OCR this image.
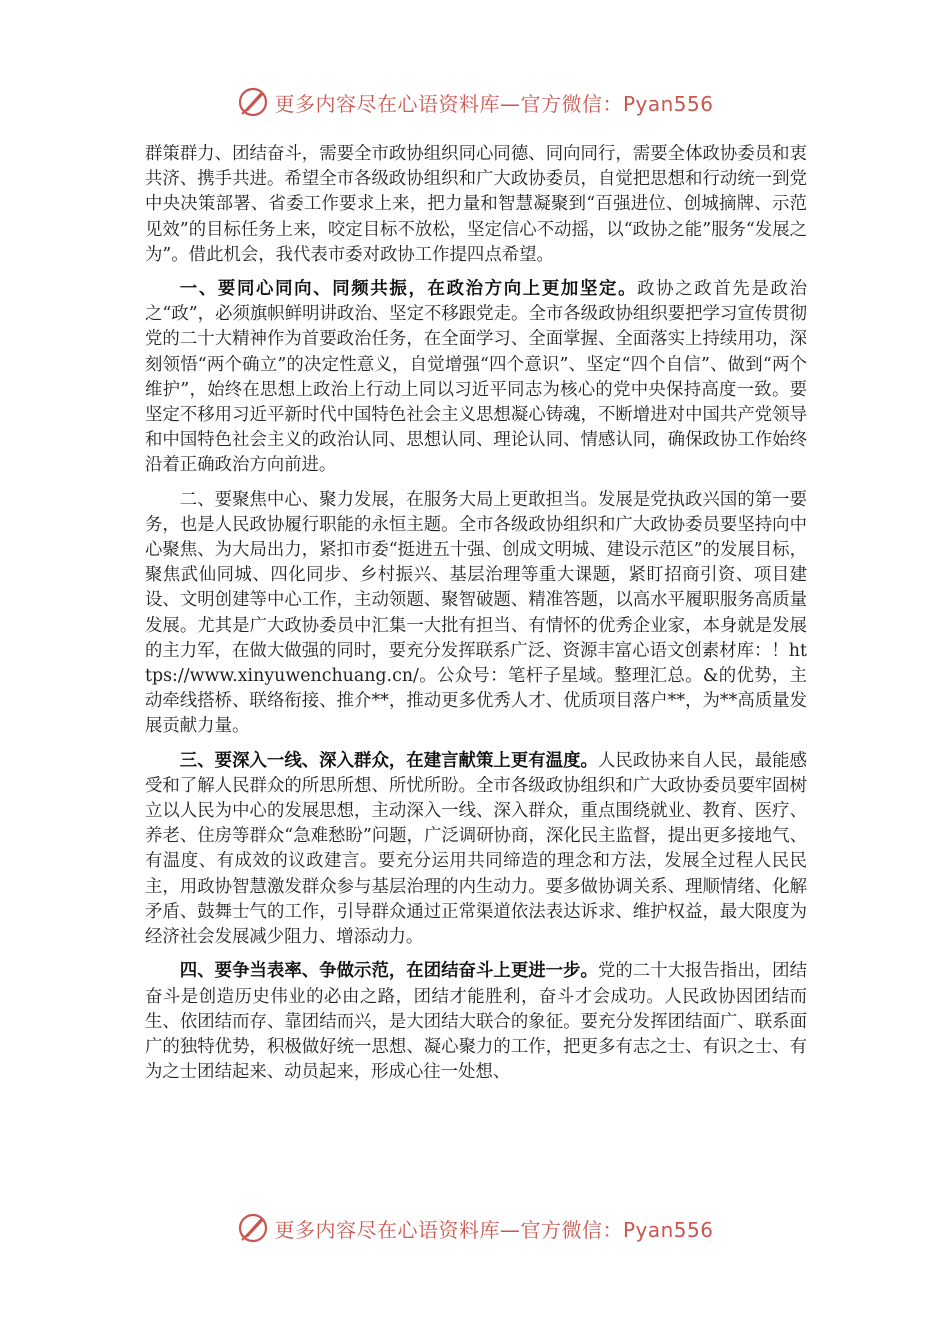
更多内容尽在心语资料库—官方微信：Pyan556

群策群力、团结奋斗，需要全市政协组织同心同德、同向同行，需要全体政协委员和衷共济、携手共进。希望全市各级政协组织和广大政协委员，自觉把思想和行动统一到党中央决策部署、省委工作要求上来，把力量和智慧凝聚到“百强进位、创城摘牌、示范见效”的目标任务上来，咬定目标不放松，坚定信心不动摇，以“政协之能”服务“发展之为”。借此机会，我代表市委对政协工作提四点希望。

一、要同心同向、同频共振，在政治方向上更加坚定。政协之政首先是政治之“政”，必须旗帜鲜明讲政治、坚定不移跟党走。全市各级政协组织要把学习宣传贯彻党的二十大精神作为首要政治任务，在全面学习、全面掌握、全面落实上持续用功，深刻领悟“两个确立”的决定性意义，自觉增强“四个意识”、坚定“四个自信”、做到“两个维护”，始终在思想上政治上行动上同以习近平同志为核心的党中央保持高度一致。要坚定不移用习近平新时代中国特色社会主义思想凝心铸魂，不断增进对中国共产党领导和中国特色社会主义的政治认同、思想认同、理论认同、情感认同，确保政协工作始终沿着正确政治方向前进。

二、要聚焦中心、聚力发展，在服务大局上更敢担当。发展是党执政兴国的第一要务，也是人民政协履行职能的永恒主题。全市各级政协组织和广大政协委员要坚持向中心聚焦、为大局出力，紧扣市委“挺进五十强、创成文明城、建设示范区”的发展目标，聚焦武仙同城、四化同步、乡村振兴、基层治理等重大课题，紧盯招商引资、项目建设、文明创建等中心工作，主动领题、聚智破题、精准答题，以高水平履职服务高质量发展。尤其是广大政协委员中汇集一大批有担当、有情怀的优秀企业家，本身就是发展的主力军，在做大做强的同时，要充分发挥联系广泛、资源丰富心语文创素材库：！https://www.xinyuwenchuang.cn/。公众号：笔杆子星域。整理汇总。&的优势，主动牵线搭桥、联络衔接、推介**，推动更多优秀人才、优质项目落户**，为**高质量发展贡献力量。

三、要深入一线、深入群众，在建言献策上更有温度。人民政协来自人民，最能感受和了解人民群众的所思所想、所忧所盼。全市各级政协组织和广大政协委员要牢固树立以人民为中心的发展思想，主动深入一线、深入群众，重点围绕就业、教育、医疗、养老、住房等群众“急难愁盼”问题，广泛调研协商，深化民主监督，提出更多接地气、有温度、有成效的议政建言。要充分运用共同缔造的理念和方法，发展全过程人民民主，用政协智慧激发群众参与基层治理的内生动力。要多做协调关系、理顺情绪、化解矛盾、鼓舞士气的工作，引导群众通过正常渠道依法表达诉求、维护权益，最大限度为经济社会发展减少阻力、增添动力。

四、要争当表率、争做示范，在团结奋斗上更进一步。党的二十大报告指出，团结奋斗是创造历史伟业的必由之路，团结才能胜利，奋斗才会成功。人民政协因团结而生、依团结而存、靠团结而兴，是大团结大联合的象征。要充分发挥团结面广、联系面广的独特优势，积极做好统一思想、凝心聚力的工作，把更多有志之士、有识之士、有为之士团结起来、动员起来，形成心往一处想、

更多内容尽在心语资料库—官方微信：Pyan556
